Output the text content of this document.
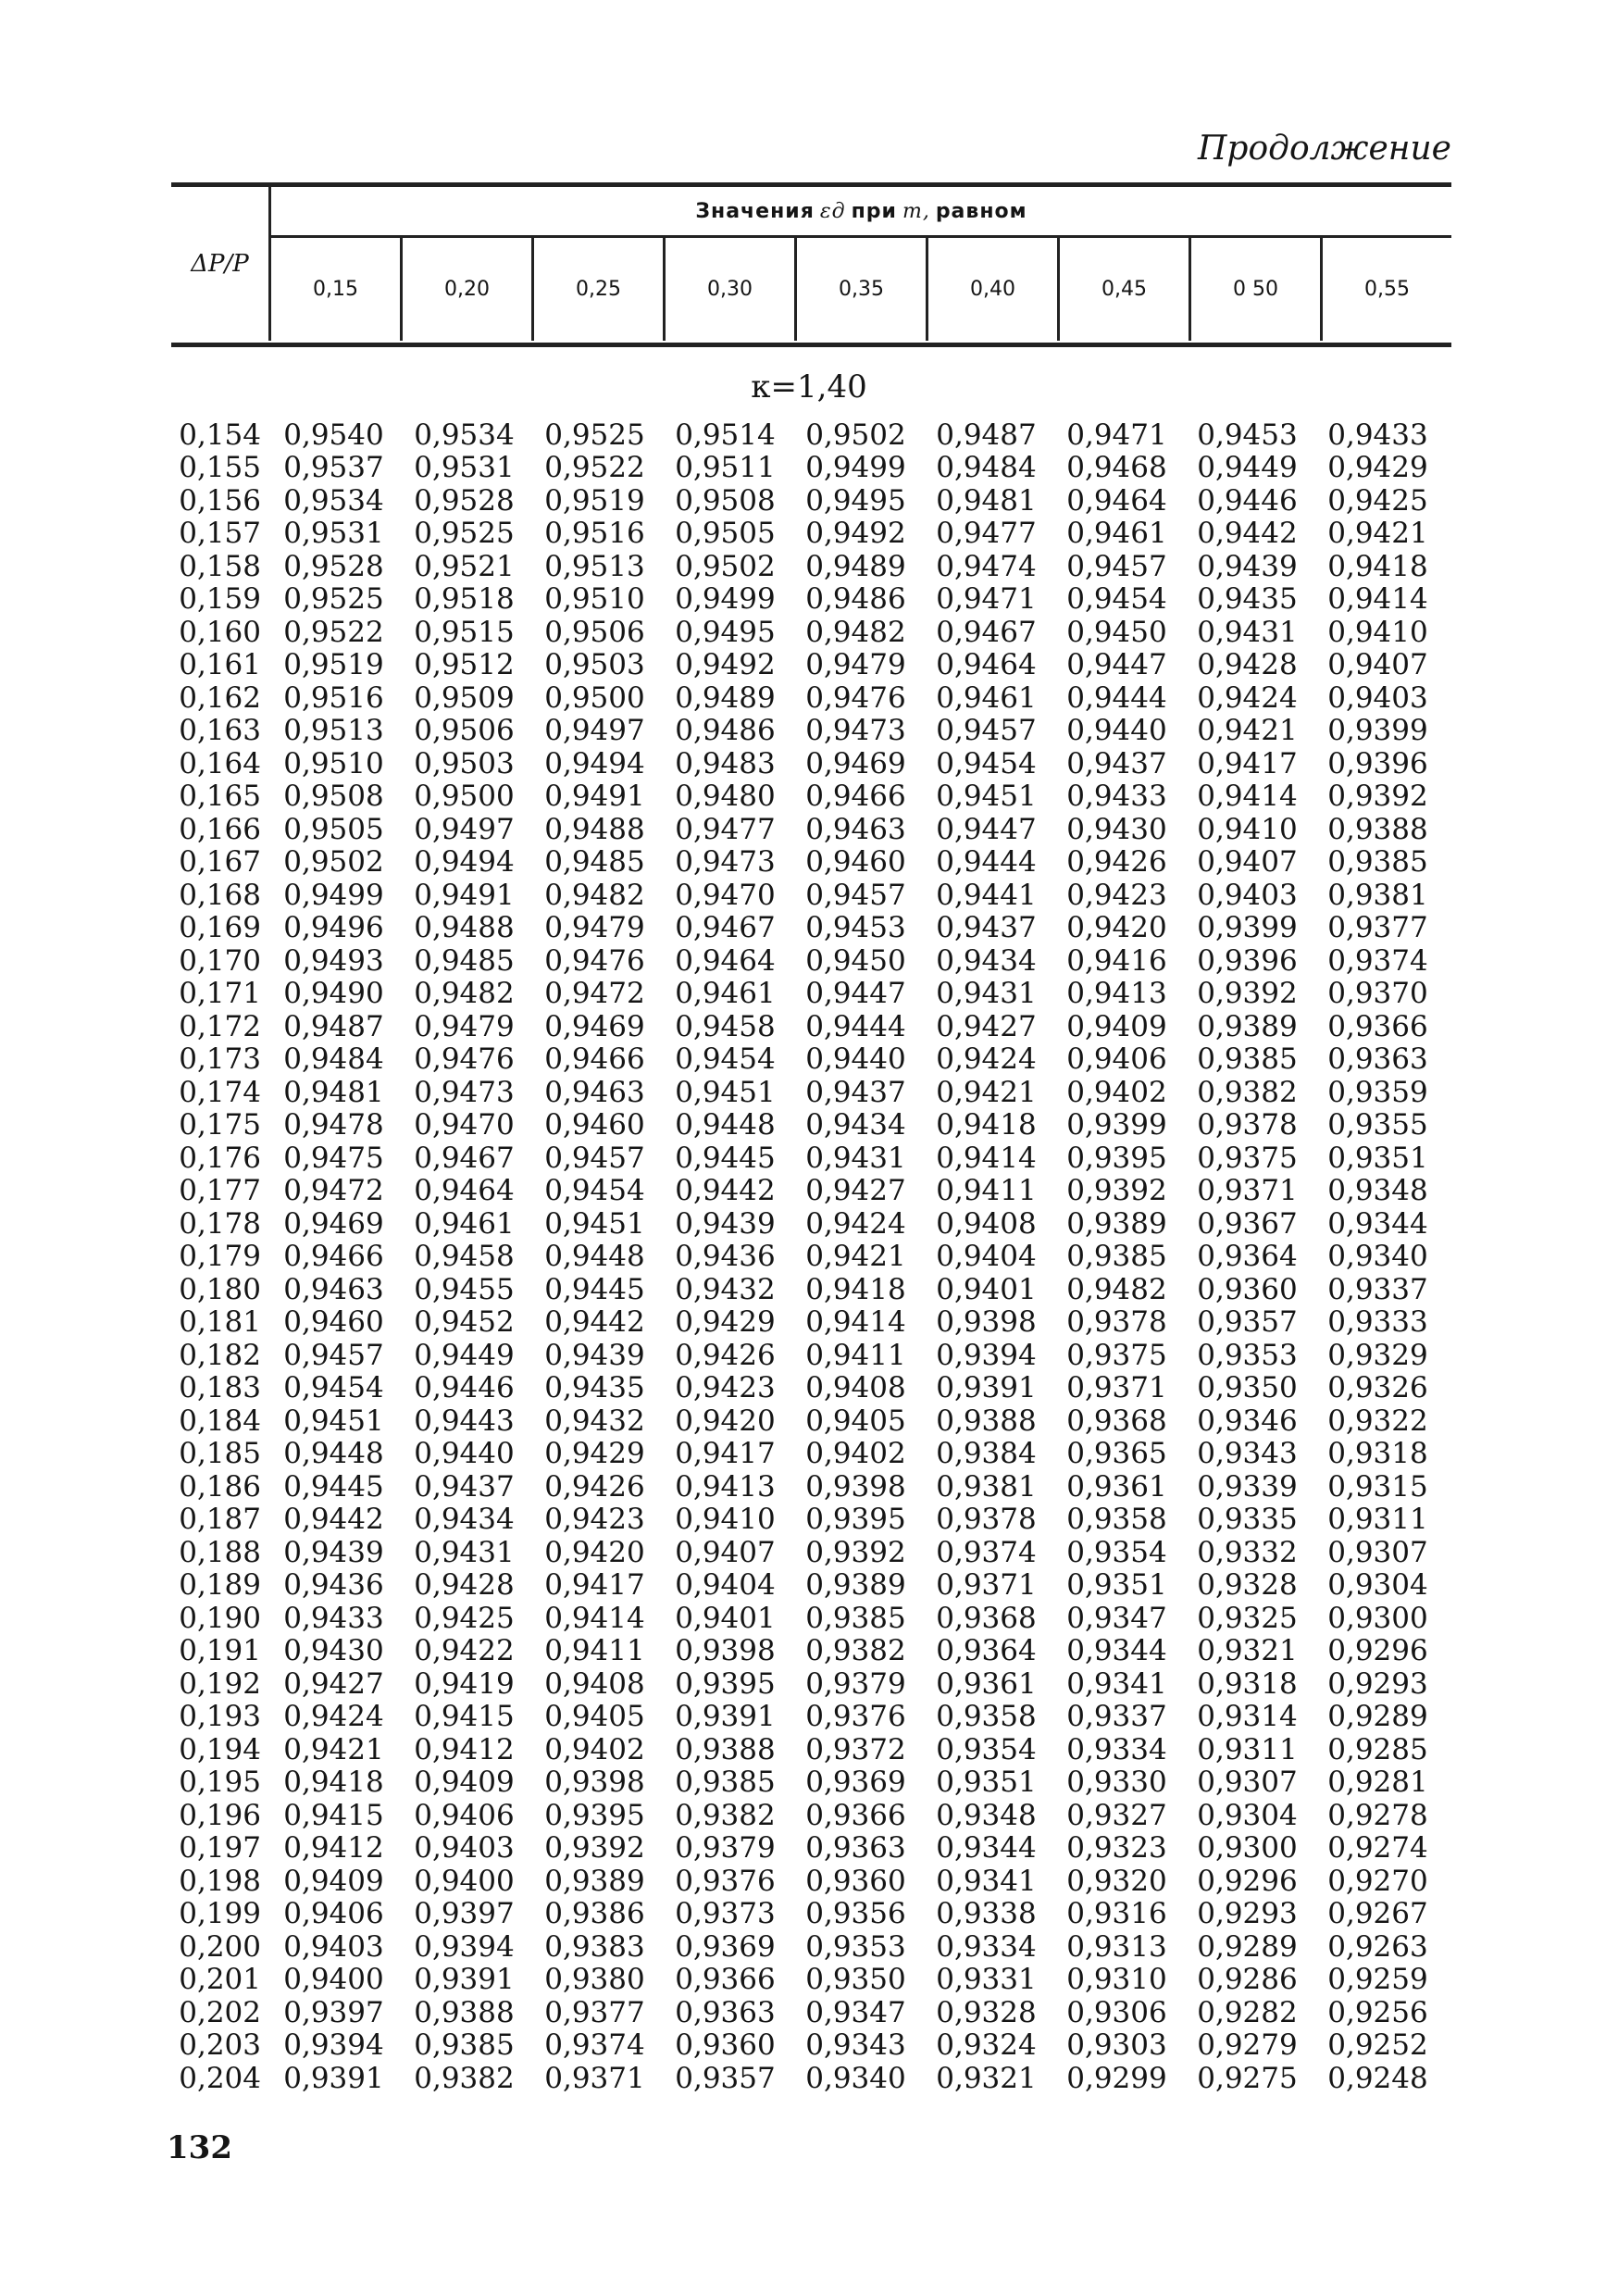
Продолжение
ΔP/P
Значения εд при m, равном
0,15	0,20	0,25	0,30	0,35	0,40	0,45	0 50	0,55
κ=1,40
0,154 0,9540	0,9534	0,9525	0,9514	0,9502	0,9487	0,9471	0,9453	0,9433
0,155 0,9537	0,9531	0,9522	0,9511	0,9499	0,9484	0,9468	0,9449	0,9429
0,156 0,9534	0,9528	0,9519	0,9508	0,9495	0,9481	0,9464	0,9446	0,9425
0,157 0,9531	0,9525	0,9516	0,9505	0,9492	0,9477	0,9461	0,9442	0,9421
0,158 0,9528	0,9521	0,9513	0,9502	0,9489	0,9474	0,9457	0,9439	0,9418
0,159 0,9525	0,9518	0,9510	0,9499	0,9486	0,9471	0,9454	0,9435	0,9414
0,160 0,9522	0,9515	0,9506	0,9495	0,9482	0,9467	0,9450	0,9431	0,9410
0,161 0,9519	0,9512	0,9503	0,9492	0,9479	0,9464	0,9447	0,9428	0,9407
0,162 0,9516	0,9509	0,9500	0,9489	0,9476	0,9461	0,9444	0,9424	0,9403
0,163 0,9513	0,9506	0,9497	0,9486	0,9473	0,9457	0,9440	0,9421	0,9399
0,164 0,9510	0,9503	0,9494	0,9483	0,9469	0,9454	0,9437	0,9417	0,9396
0,165 0,9508	0,9500	0,9491	0,9480	0,9466	0,9451	0,9433	0,9414	0,9392
0,166 0,9505	0,9497	0,9488	0,9477	0,9463	0,9447	0,9430	0,9410	0,9388
0,167 0,9502	0,9494	0,9485	0,9473	0,9460	0,9444	0,9426	0,9407	0,9385
0,168 0,9499	0,9491	0,9482	0,9470	0,9457	0,9441	0,9423	0,9403	0,9381
0,169 0,9496	0,9488	0,9479	0,9467	0,9453	0,9437	0,9420	0,9399	0,9377
0,170 0,9493	0,9485	0,9476	0,9464	0,9450	0,9434	0,9416	0,9396	0,9374
0,171 0,9490	0,9482	0,9472	0,9461	0,9447	0,9431	0,9413	0,9392	0,9370
0,172 0,9487	0,9479	0,9469	0,9458	0,9444	0,9427	0,9409	0,9389	0,9366
0,173 0,9484	0,9476	0,9466	0,9454	0,9440	0,9424	0,9406	0,9385	0,9363
0,174 0,9481	0,9473	0,9463	0,9451	0,9437	0,9421	0,9402	0,9382	0,9359
0,175 0,9478	0,9470	0,9460	0,9448	0,9434	0,9418	0,9399	0,9378	0,9355
0,176 0,9475	0,9467	0,9457	0,9445	0,9431	0,9414	0,9395	0,9375	0,9351
0,177 0,9472	0,9464	0,9454	0,9442	0,9427	0,9411	0,9392	0,9371	0,9348
0,178 0,9469	0,9461	0,9451	0,9439	0,9424	0,9408	0,9389	0,9367	0,9344
0,179 0,9466	0,9458	0,9448	0,9436	0,9421	0,9404	0,9385	0,9364	0,9340
0,180 0,9463	0,9455	0,9445	0,9432	0,9418	0,9401	0,9482	0,9360	0,9337
0,181 0,9460	0,9452	0,9442	0,9429	0,9414	0,9398	0,9378	0,9357	0,9333
0,182 0,9457	0,9449	0,9439	0,9426	0,9411	0,9394	0,9375	0,9353	0,9329
0,183 0,9454	0,9446	0,9435	0,9423	0,9408	0,9391	0,9371	0,9350	0,9326
0,184 0,9451	0,9443	0,9432	0,9420	0,9405	0,9388	0,9368	0,9346	0,9322
0,185 0,9448	0,9440	0,9429	0,9417	0,9402	0,9384	0,9365	0,9343	0,9318
0,186 0,9445	0,9437	0,9426	0,9413	0,9398	0,9381	0,9361	0,9339	0,9315
0,187 0,9442	0,9434	0,9423	0,9410	0,9395	0,9378	0,9358	0,9335	0,9311
0,188 0,9439	0,9431	0,9420	0,9407	0,9392	0,9374	0,9354	0,9332	0,9307
0,189 0,9436	0,9428	0,9417	0,9404	0,9389	0,9371	0,9351	0,9328	0,9304
0,190 0,9433	0,9425	0,9414	0,9401	0,9385	0,9368	0,9347	0,9325	0,9300
0,191 0,9430	0,9422	0,9411	0,9398	0,9382	0,9364	0,9344	0,9321	0,9296
0,192 0,9427	0,9419	0,9408	0,9395	0,9379	0,9361	0,9341	0,9318	0,9293
0,193 0,9424	0,9415	0,9405	0,9391	0,9376	0,9358	0,9337	0,9314	0,9289
0,194 0,9421	0,9412	0,9402	0,9388	0,9372	0,9354	0,9334	0,9311	0,9285
0,195 0,9418	0,9409	0,9398	0,9385	0,9369	0,9351	0,9330	0,9307	0,9281
0,196 0,9415	0,9406	0,9395	0,9382	0,9366	0,9348	0,9327	0,9304	0,9278
0,197 0,9412	0,9403	0,9392	0,9379	0,9363	0,9344	0,9323	0,9300	0,9274
0,198 0,9409	0,9400	0,9389	0,9376	0,9360	0,9341	0,9320	0,9296	0,9270
0,199 0,9406	0,9397	0,9386	0,9373	0,9356	0,9338	0,9316	0,9293	0,9267
0,200 0,9403	0,9394	0,9383	0,9369	0,9353	0,9334	0,9313	0,9289	0,9263
0,201 0,9400	0,9391	0,9380	0,9366	0,9350	0,9331	0,9310	0,9286	0,9259
0,202 0,9397	0,9388	0,9377	0,9363	0,9347	0,9328	0,9306	0,9282	0,9256
0,203 0,9394	0,9385	0,9374	0,9360	0,9343	0,9324	0,9303	0,9279	0,9252
0,204 0,9391	0,9382	0,9371	0,9357	0,9340	0,9321	0,9299	0,9275	0,9248
132
